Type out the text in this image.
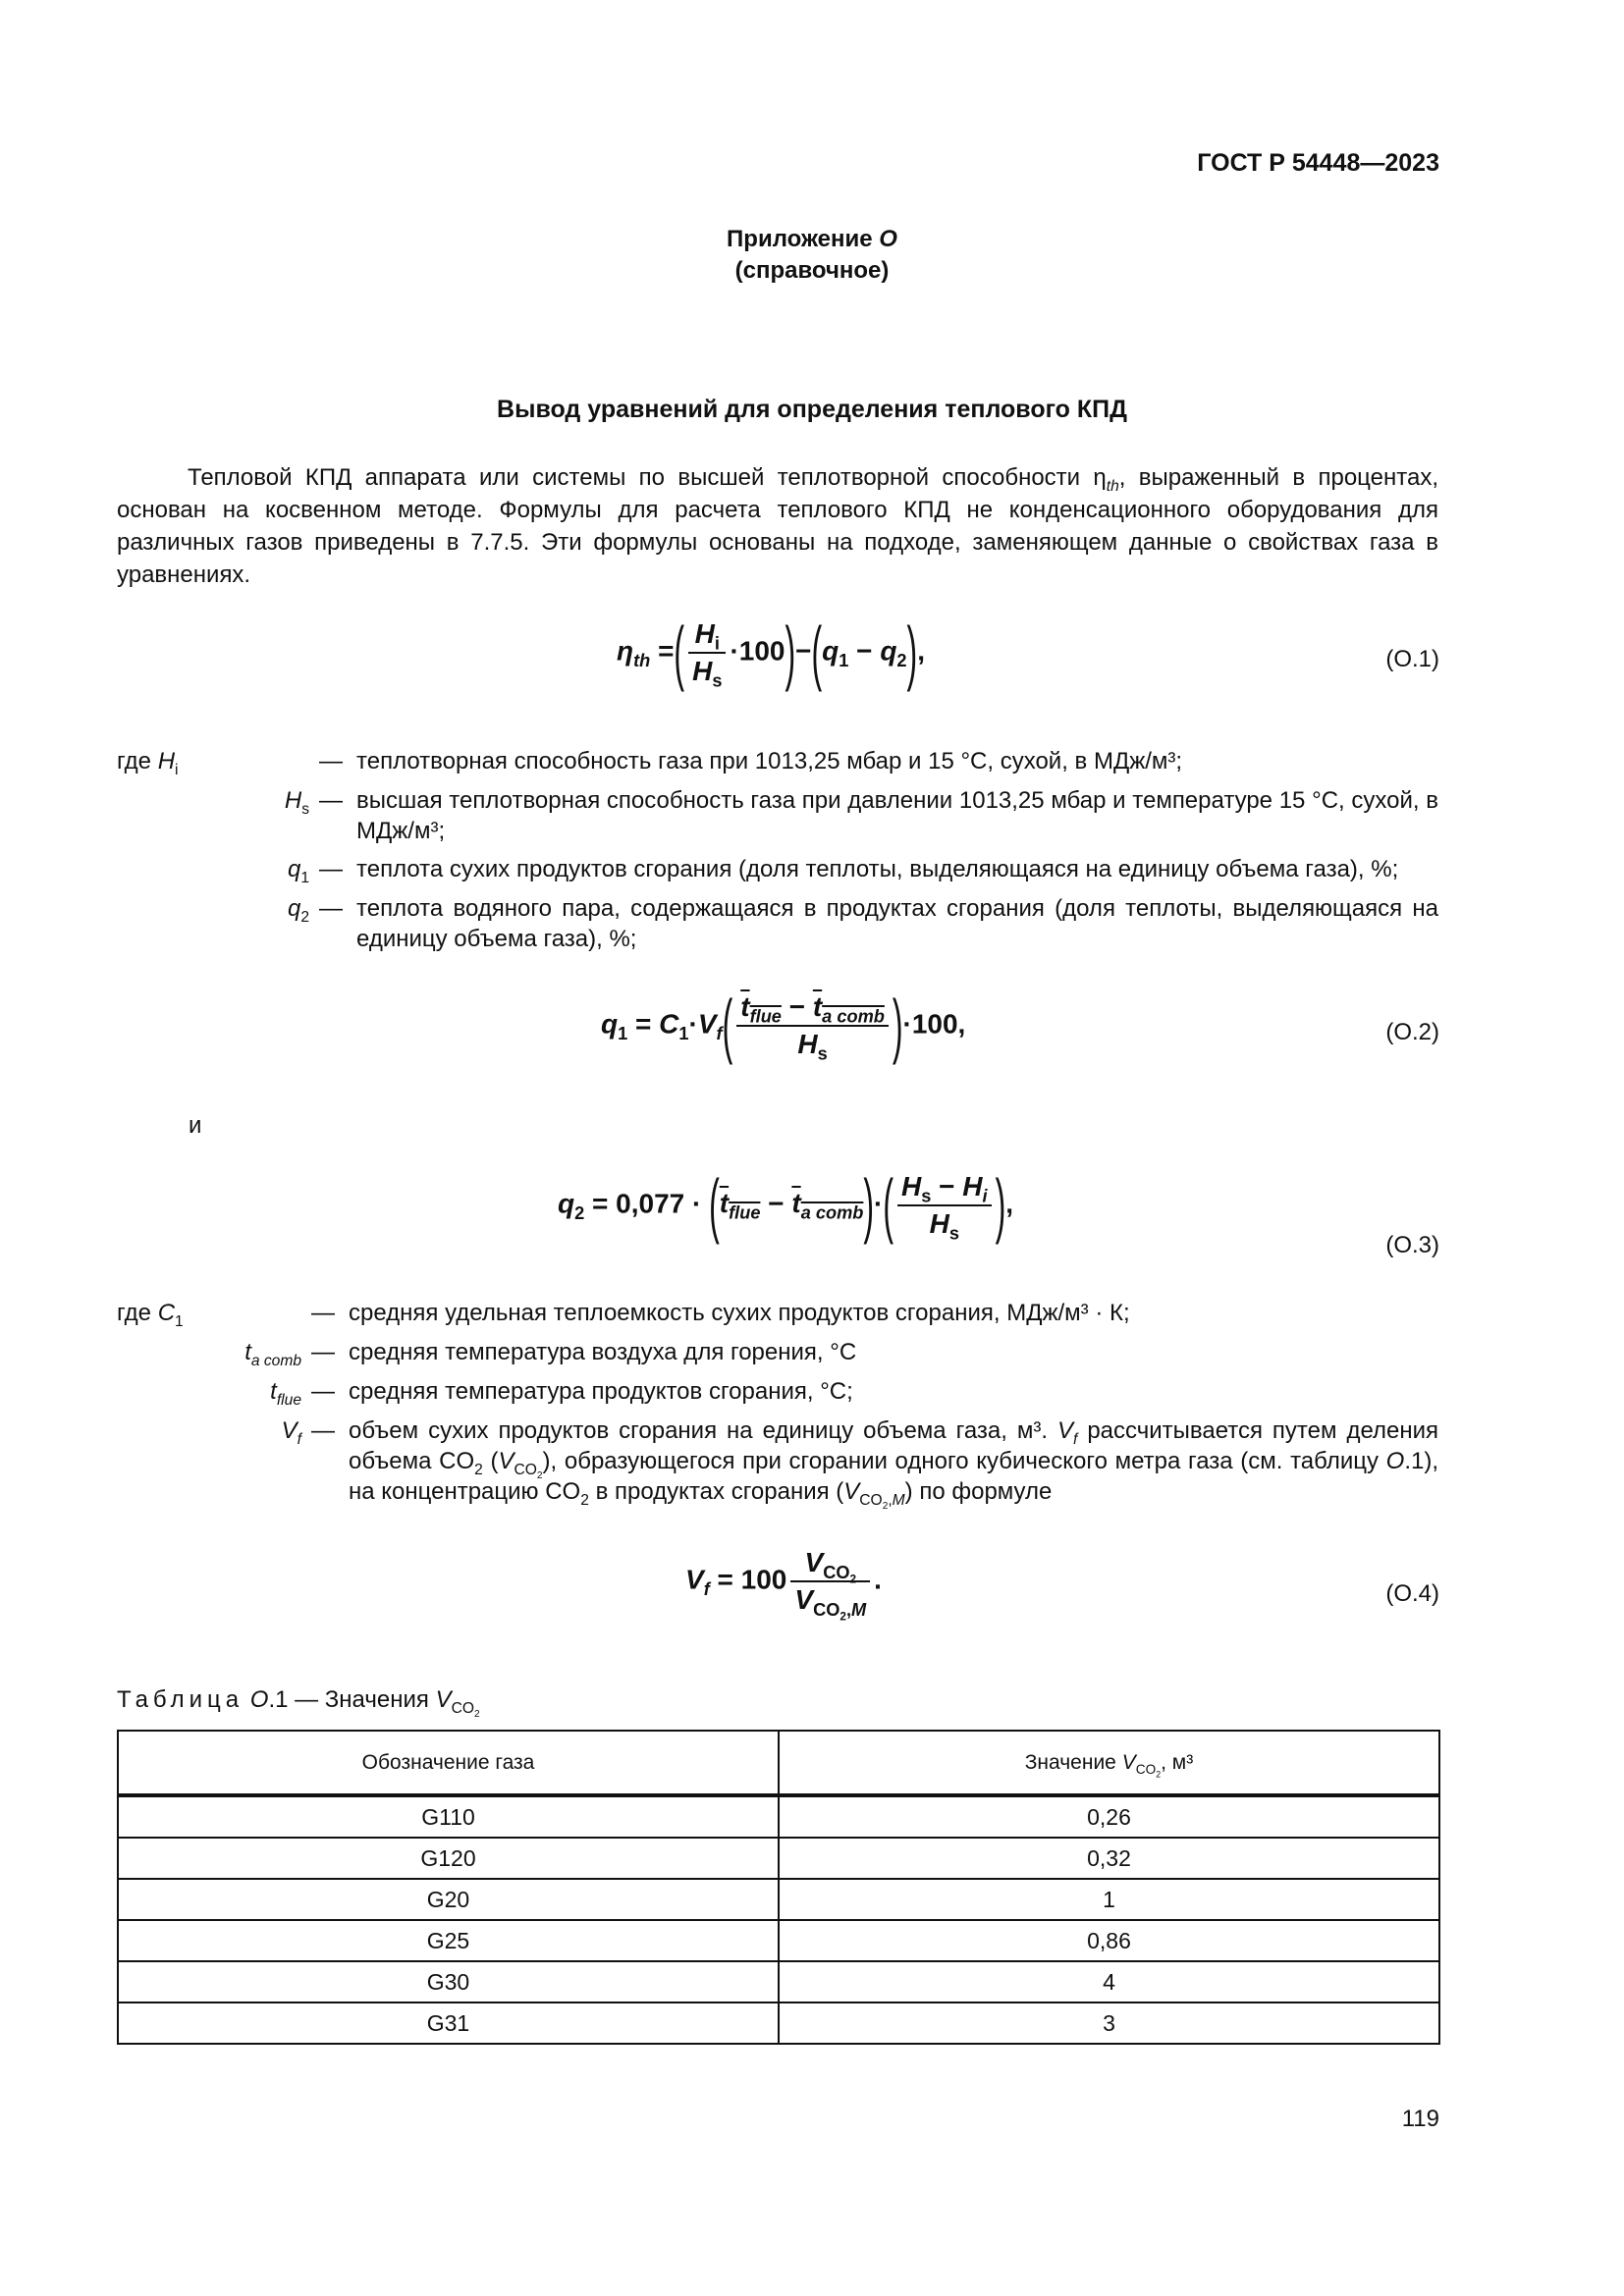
ГОСТ Р 54448—2023
Приложение O
(справочное)
Вывод уравнений для определения теплового КПД
Тепловой КПД аппарата или системы по высшей теплотворной способности $\eta_{th}$, выраженный в процентах, основан на косвенном методе. Формулы для расчета теплового КПД не конденсационного оборудования для различных газов приведены в 7.7.5. Эти формулы основаны на подходе, заменяющем данные о свойствах газа в уравнениях.
$\eta_{th}$ =( $\frac{H_i}{H_s} \cdot 100)-(q_1 - q_2)$,	(O.1)
где $H_i$	— теплотворная способность газа при 1013,25 мбар и 15 °С, сухой, в МДж/м³;
$H_s$ — высшая теплотворная способность газа при давлении 1013,25 мбар и температуре 15 °С, сухой, в МДж/м³;
$q_1$ — теплота сухих продуктов сгорания (доля теплоты, выделяющаяся на единицу объема газа), %;
$q_2$ — теплота водяного пара, содержащаяся в продуктах сгорания (доля теплоты, выделяющаяся на единицу объема газа), %;
$q_1 = C_1\cdot V_f( \frac{t_{flue} - t_{a comb}}{H_s} )\cdot 100$,	(O.2)
и
$q_2 = 0,077 \cdot (t_{flue} - t_{a comb})\cdot( \frac{H_s - H_i}{H_s}$ ),
(O.3)
где $C_1$	— средняя удельная теплоемкость сухих продуктов сгорания, МДж/м³ · К;
$t_{a comb}$ — средняя температура воздуха для горения, °С
$t_{flue}$ — средняя температура продуктов сгорания, °С;
$V_f$ — объем сухих продуктов сгорания на единицу объема газа, м³. $V_f$ рассчитывается путем деления объема $CO_2$ $(V_{CO_2})$, образующегося при сгорании одного кубического метра газа (см. таблицу O.1), на концентрацию $CO_2$ в продуктах сгорания $(V_{CO_2,M})$ по формуле
$V_f = 100 \frac{V_{CO_2}}{V_{CO_2,M}}$ .	(O.4)
Таблица O.1 — Значения $V_{CO_2}$
Обозначение газа	Значение $V_{CO_2}$, м³
G110	0,26
G120	0,32
G20	1
G25	0,86
G30	4
G31	3
119
